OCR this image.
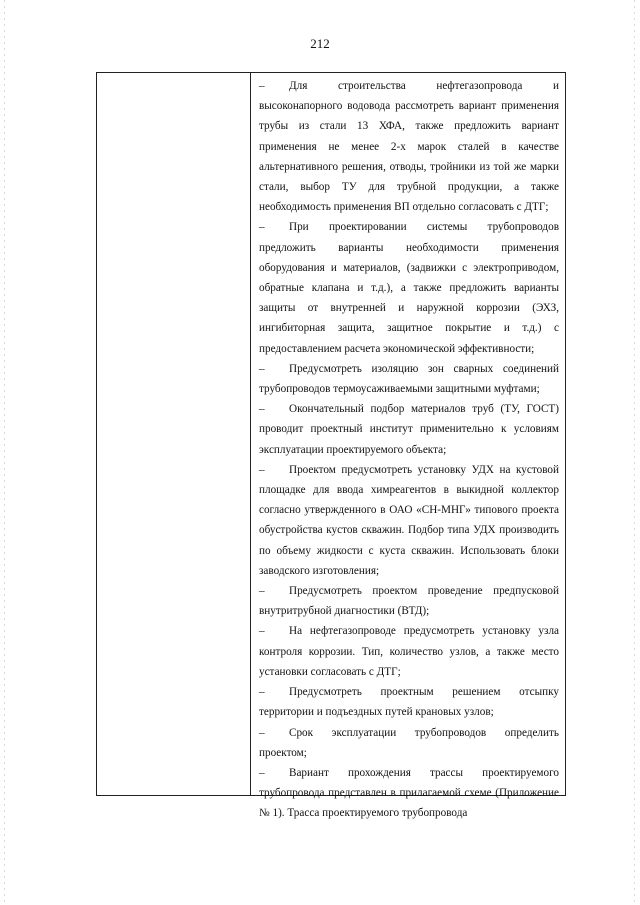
212

– Для строительства нефтегазопровода и высоконапорного водовода рассмотреть вариант применения трубы из стали 13 ХФА, также предложить вариант применения не менее 2-х марок сталей в качестве альтернативного решения, отводы, тройники из той же марки стали, выбор ТУ для трубной продукции, а также необходимость применения ВП отдельно согласовать с ДТГ;

– При проектировании системы трубопроводов предложить варианты необходимости применения оборудования и материалов, (задвижки с электроприводом, обратные клапана и т.д.), а также предложить варианты защиты от внутренней и наружной коррозии (ЭХЗ, ингибиторная защита, защитное покрытие и т.д.) с предоставлением расчета экономической эффективности;

– Предусмотреть изоляцию зон сварных соединений трубопроводов термоусаживаемыми защитными муфтами;

– Окончательный подбор материалов труб (ТУ, ГОСТ) проводит проектный институт применительно к условиям эксплуатации проектируемого объекта;

– Проектом предусмотреть установку УДХ на кустовой площадке для ввода химреагентов в выкидной коллектор согласно утвержденного в ОАО «СН-МНГ» типового проекта обустройства кустов скважин. Подбор типа УДХ производить по объему жидкости с куста скважин. Использовать блоки заводского изготовления;

– Предусмотреть проектом проведение предпусковой внутритрубной диагностики (ВТД);

– На нефтегазопроводе предусмотреть установку узла контроля коррозии. Тип, количество узлов, а также место установки согласовать с ДТГ;

– Предусмотреть проектным решением отсыпку территории и подъездных путей крановых узлов;

– Срок эксплуатации трубопроводов определить проектом;

– Вариант прохождения трассы проектируемого трубопровода представлен в прилагаемой схеме (Приложение № 1). Трасса проектируемого трубопровода
